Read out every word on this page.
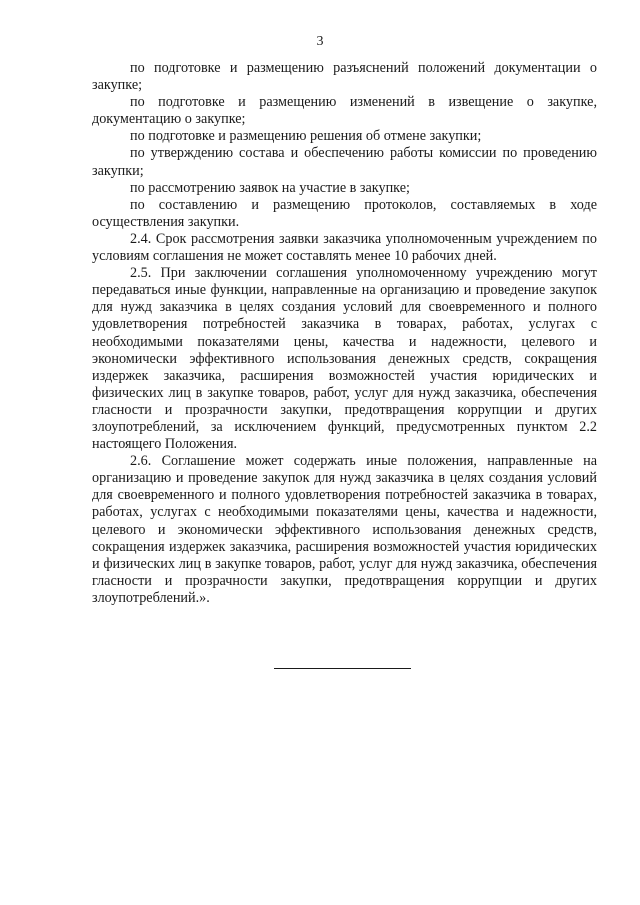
3

по подготовке и размещению разъяснений положений документации о закупке;

по подготовке и размещению изменений в извещение о закупке, документацию о закупке;

по подготовке и размещению решения об отмене закупки;

по утверждению состава и обеспечению работы комиссии по проведению закупки;

по рассмотрению заявок на участие в закупке;

по составлению и размещению протоколов, составляемых в ходе осуществления закупки.

2.4. Срок рассмотрения заявки заказчика уполномоченным учреждением по условиям соглашения не может составлять менее 10 рабочих дней.

2.5. При заключении соглашения уполномоченному учреждению могут передаваться иные функции, направленные на организацию и проведение закупок для нужд заказчика в целях создания условий для своевременного и полного удовлетворения потребностей заказчика в товарах, работах, услугах с необходимыми показателями цены, качества и надежности, целевого и экономически эффективного использования денежных средств, сокращения издержек заказчика, расширения возможностей участия юридических и физических лиц в закупке товаров, работ, услуг для нужд заказчика, обеспечения гласности и прозрачности закупки, предотвращения коррупции и других злоупотреблений, за исключением функций, предусмотренных пунктом 2.2 настоящего Положения.

2.6. Соглашение может содержать иные положения, направленные на организацию и проведение закупок для нужд заказчика в целях создания условий для своевременного и полного удовлетворения потребностей заказчика в товарах, работах, услугах с необходимыми показателями цены, качества и надежности, целевого и экономически эффективного использования денежных средств, сокращения издержек заказчика, расширения возможностей участия юридических и физических лиц в закупке товаров, работ, услуг для нужд заказчика, обеспечения гласности и прозрачности закупки, предотвращения коррупции и других злоупотреблений.».
